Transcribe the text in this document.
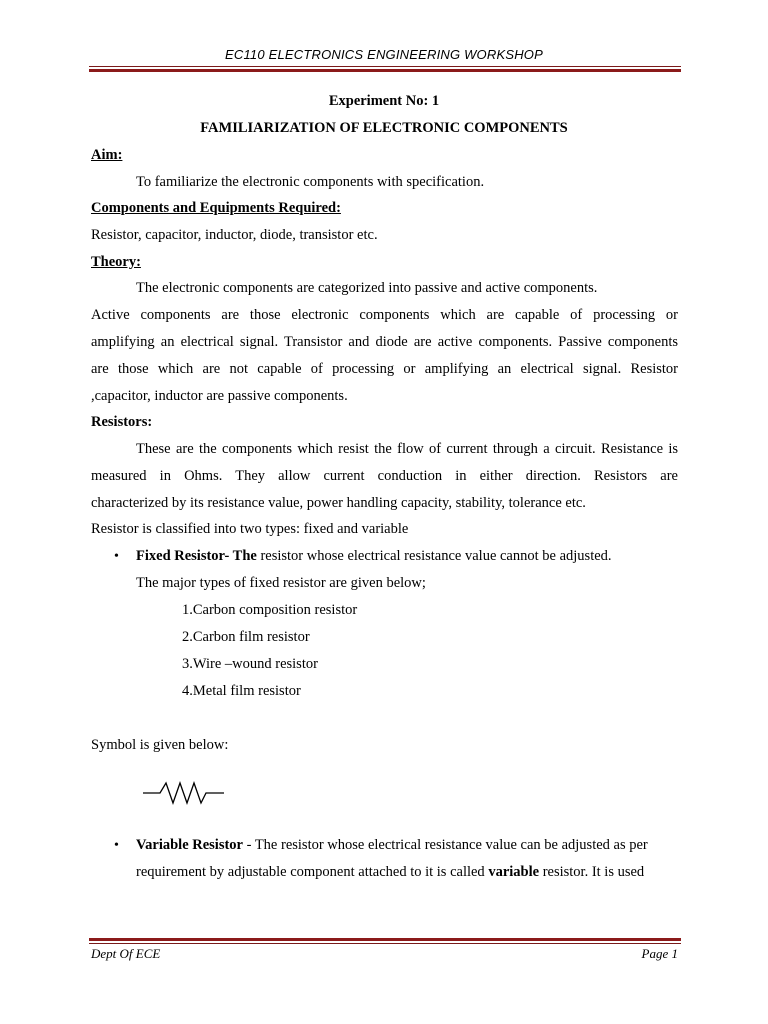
EC110 ELECTRONICS ENGINEERING WORKSHOP
Experiment No: 1
FAMILIARIZATION OF ELECTRONIC COMPONENTS
Aim:
To familiarize the electronic components with specification.
Components and Equipments Required:
Resistor, capacitor, inductor, diode, transistor etc.
Theory:
The electronic components are categorized into passive and active components.
Active components are those electronic components which are capable of processing or
amplifying an electrical signal. Transistor and diode are active components. Passive components
are those which are not capable of processing or amplifying an electrical signal. Resistor
,capacitor, inductor are passive components.
Resistors:
These are the components which resist the flow of current through a circuit. Resistance is
measured in Ohms. They allow current conduction in either direction. Resistors are
characterized by its resistance value, power handling capacity, stability, tolerance etc.
Resistor is classified into two types: fixed and variable
• Fixed Resistor- The resistor whose electrical resistance value cannot be adjusted.
The major types of fixed resistor are given below;
1.Carbon composition resistor
2.Carbon film resistor
3.Wire –wound resistor
4.Metal film resistor
Symbol is given below:
• Variable Resistor - The resistor whose electrical resistance value can be adjusted as per
requirement by adjustable component attached to it is called variable resistor. It is used
Dept Of ECE	Page 1
